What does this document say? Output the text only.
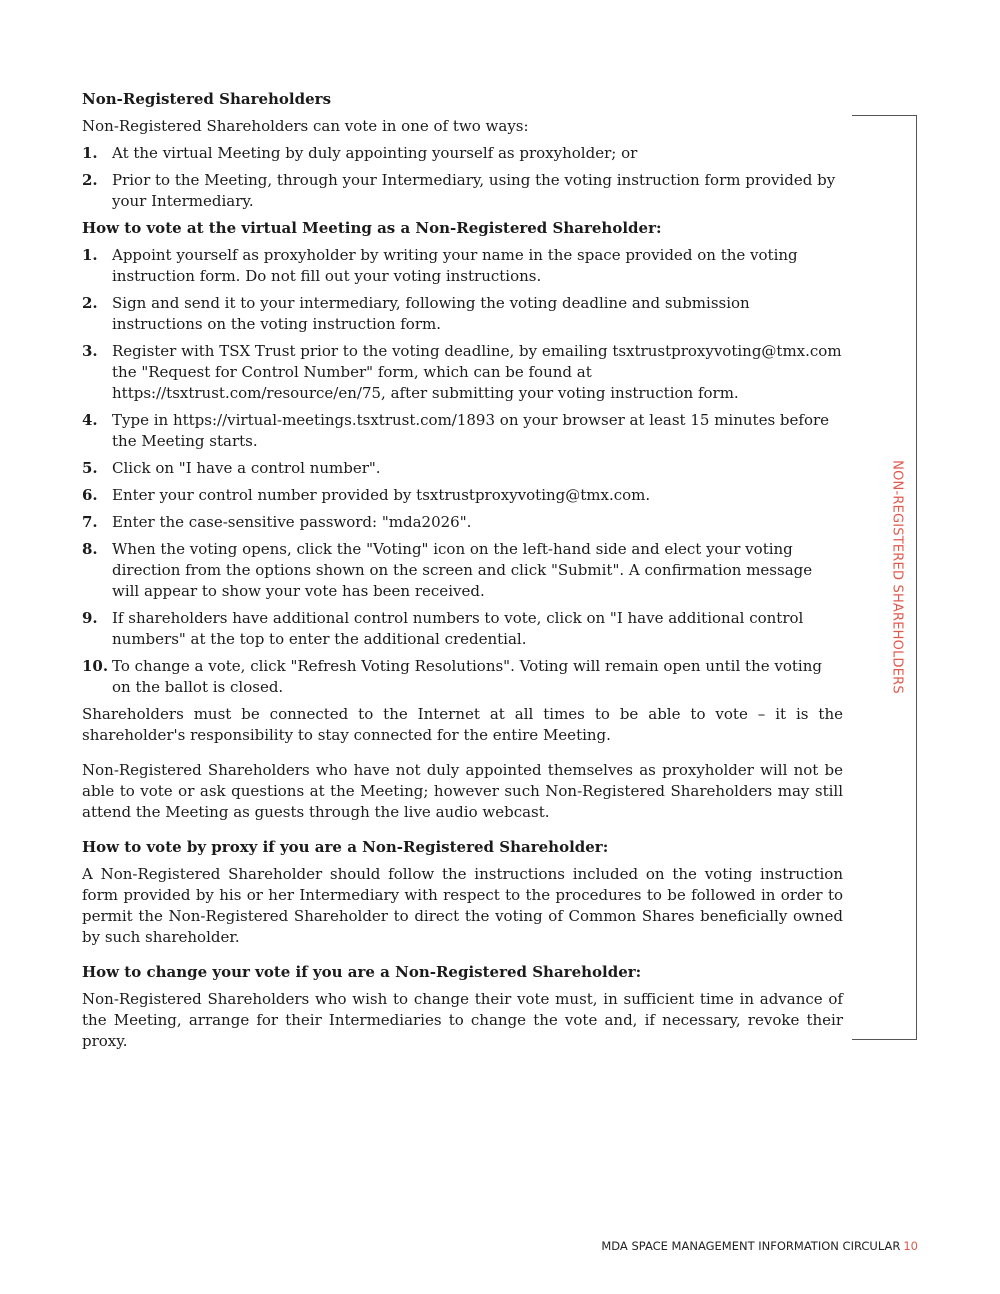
NON-REGISTERED SHAREHOLDERS
Non-Registered Shareholders

Non-Registered Shareholders can vote in one of two ways:

1. At the virtual Meeting by duly appointing yourself as proxyholder; or
2. Prior to the Meeting, through your Intermediary, using the voting instruction form provided by your Intermediary.
How to vote at the virtual Meeting as a Non-Registered Shareholder:
1. Appoint yourself as proxyholder by writing your name in the space provided on the voting instruction form. Do not fill out your voting instructions.
2. Sign and send it to your intermediary, following the voting deadline and submission instructions on the voting instruction form.
3. Register with TSX Trust prior to the voting deadline, by emailing tsxtrustproxyvoting@tmx.com the "Request for Control Number" form, which can be found at https://tsxtrust.com/resource/en/75, after submitting your voting instruction form.
4. Type in https://virtual-meetings.tsxtrust.com/1893 on your browser at least 15 minutes before the Meeting starts.
5. Click on "I have a control number".
6. Enter your control number provided by tsxtrustproxyvoting@tmx.com.
7. Enter the case-sensitive password: "mda2026".
8. When the voting opens, click the "Voting" icon on the left-hand side and elect your voting direction from the options shown on the screen and click "Submit". A confirmation message will appear to show your vote has been received.
9. If shareholders have additional control numbers to vote, click on "I have additional control numbers" at the top to enter the additional credential.
10. To change a vote, click "Refresh Voting Resolutions". Voting will remain open until the voting on the ballot is closed.

Shareholders must be connected to the Internet at all times to be able to vote – it is the shareholder's responsibility to stay connected for the entire Meeting.

Non-Registered Shareholders who have not duly appointed themselves as proxyholder will not be able to vote or ask questions at the Meeting; however such Non-Registered Shareholders may still attend the Meeting as guests through the live audio webcast.

How to vote by proxy if you are a Non-Registered Shareholder:

A Non-Registered Shareholder should follow the instructions included on the voting instruction form provided by his or her Intermediary with respect to the procedures to be followed in order to permit the Non-Registered Shareholder to direct the voting of Common Shares beneficially owned by such shareholder.

How to change your vote if you are a Non-Registered Shareholder:

Non-Registered Shareholders who wish to change their vote must, in sufficient time in advance of the Meeting, arrange for their Intermediaries to change the vote and, if necessary, revoke their proxy.

MDA SPACE MANAGEMENT INFORMATION CIRCULAR 10
